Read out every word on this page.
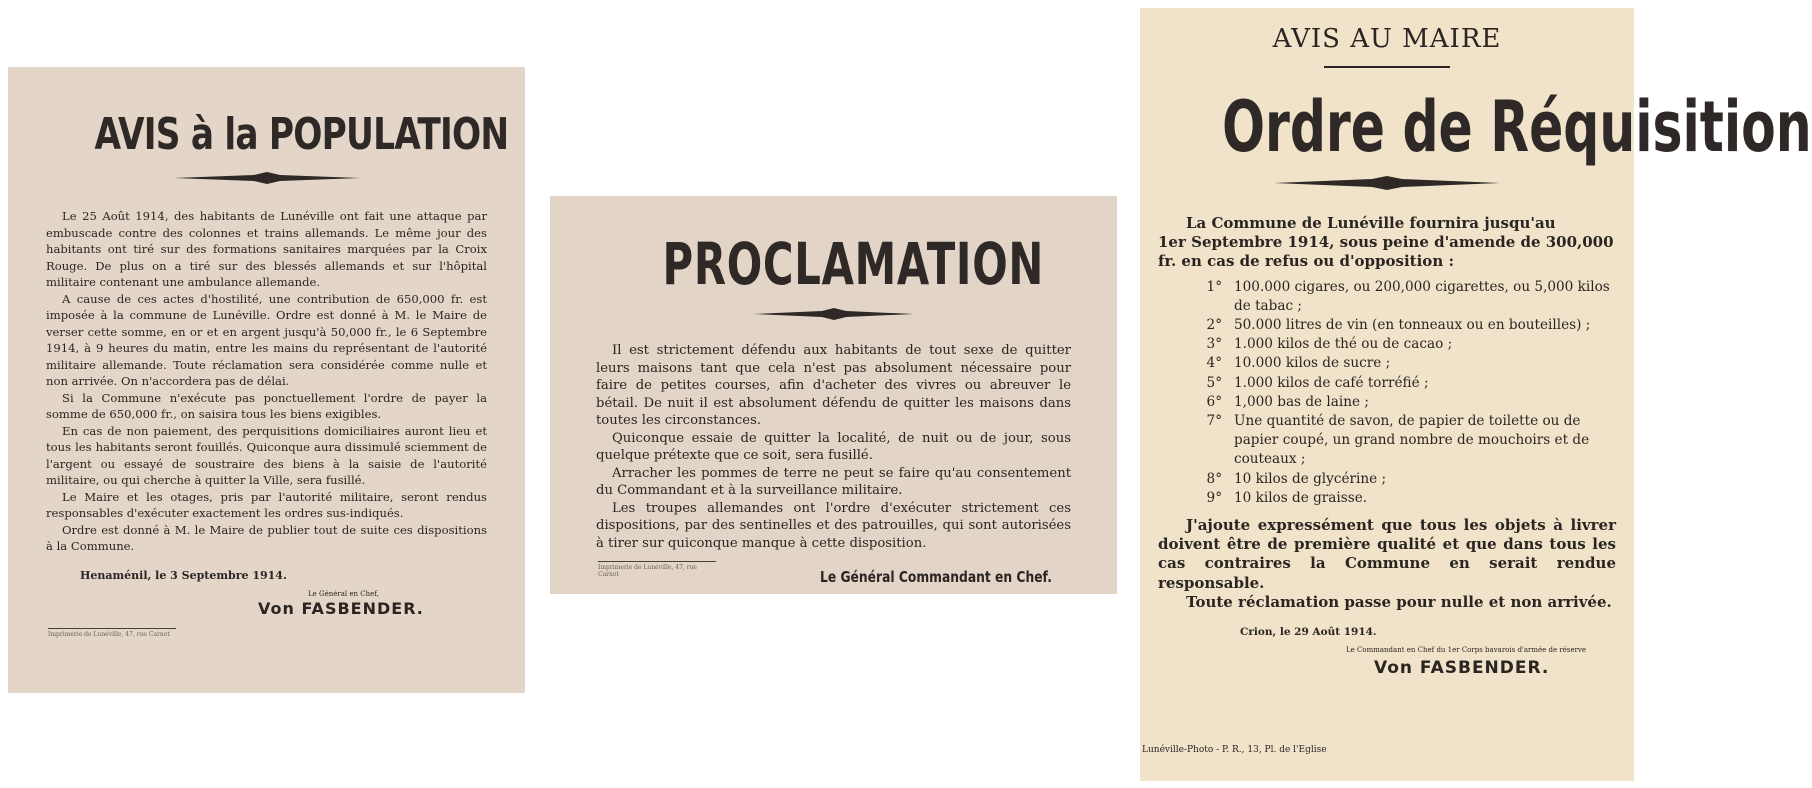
AVIS à la POPULATION

Le 25 Août 1914, des habitants de Lunéville ont fait une attaque par embuscade contre des colonnes et trains allemands. Le même jour des habitants ont tiré sur des formations sanitaires marquées par la Croix Rouge. De plus on a tiré sur des blessés allemands et sur l'hôpital militaire contenant une ambulance allemande.

A cause de ces actes d'hostilité, une contribution de 650,000 fr. est imposée à la commune de Lunéville. Ordre est donné à M. le Maire de verser cette somme, en or et en argent jusqu'à 50,000 fr., le 6 Septembre 1914, à 9 heures du matin, entre les mains du représentant de l'autorité militaire allemande. Toute réclamation sera considérée comme nulle et non arrivée. On n'accordera pas de délai.

Si la Commune n'exécute pas ponctuellement l'ordre de payer la somme de 650,000 fr., on saisira tous les biens exigibles.

En cas de non paiement, des perquisitions domiciliaires auront lieu et tous les habitants seront fouillés. Quiconque aura dissimulé sciemment de l'argent ou essayé de soustraire des biens à la saisie de l'autorité militaire, ou qui cherche à quitter la Ville, sera fusillé.

Le Maire et les otages, pris par l'autorité militaire, seront rendus responsables d'exécuter exactement les ordres sus-indiqués.

Ordre est donné à M. le Maire de publier tout de suite ces dispositions à la Commune.

Henaménil, le 3 Septembre 1914.
Le Général en Chef,
Von FASBENDER.
Imprimerie de Lunéville, 47, rue Carnot
PROCLAMATION

Il est strictement défendu aux habitants de tout sexe de quitter leurs maisons tant que cela n'est pas absolument nécessaire pour faire de petites courses, afin d'acheter des vivres ou abreuver le bétail. De nuit il est absolument défendu de quitter les maisons dans toutes les circonstances.

Quiconque essaie de quitter la localité, de nuit ou de jour, sous quelque prétexte que ce soit, sera fusillé.

Arracher les pommes de terre ne peut se faire qu'au consentement du Commandant et à la surveillance militaire.

Les troupes allemandes ont l'ordre d'exécuter strictement ces dispositions, par des sentinelles et des patrouilles, qui sont autorisées à tirer sur quiconque manque à cette disposition.

Imprimerie de Lunéville, 47, rue Carnot	Le Général Commandant en Chef.
AVIS AU MAIRE
Ordre de Réquisition

La Commune de Lunéville fournira jusqu'au

1er Septembre 1914, sous peine d'amende de 300,000 fr. en cas de refus ou d'opposition :

1° 100.000 cigares, ou 200,000 cigarettes, ou 5,000 kilos de tabac ;
2° 50.000 litres de vin (en tonneaux ou en bouteilles) ;
3° 1.000 kilos de thé ou de cacao ;
4° 10.000 kilos de sucre ;
5° 1.000 kilos de café torréfié ;
6° 1,000 bas de laine ;
7° Une quantité de savon, de papier de toilette ou de papier coupé, un grand nombre de mouchoirs et de couteaux ;
8° 10 kilos de glycérine ;
9° 10 kilos de graisse.

J'ajoute expressément que tous les objets à livrer doivent être de première qualité et que dans tous les cas contraires la Commune en serait rendue responsable.

Toute réclamation passe pour nulle et non arrivée.

Crion, le 29 Août 1914.
Le Commandant en Chef du 1er Corps bavarois d'armée de réserve
Von FASBENDER.
Lunéville-Photo - P. R., 13, Pl. de l'Eglise
